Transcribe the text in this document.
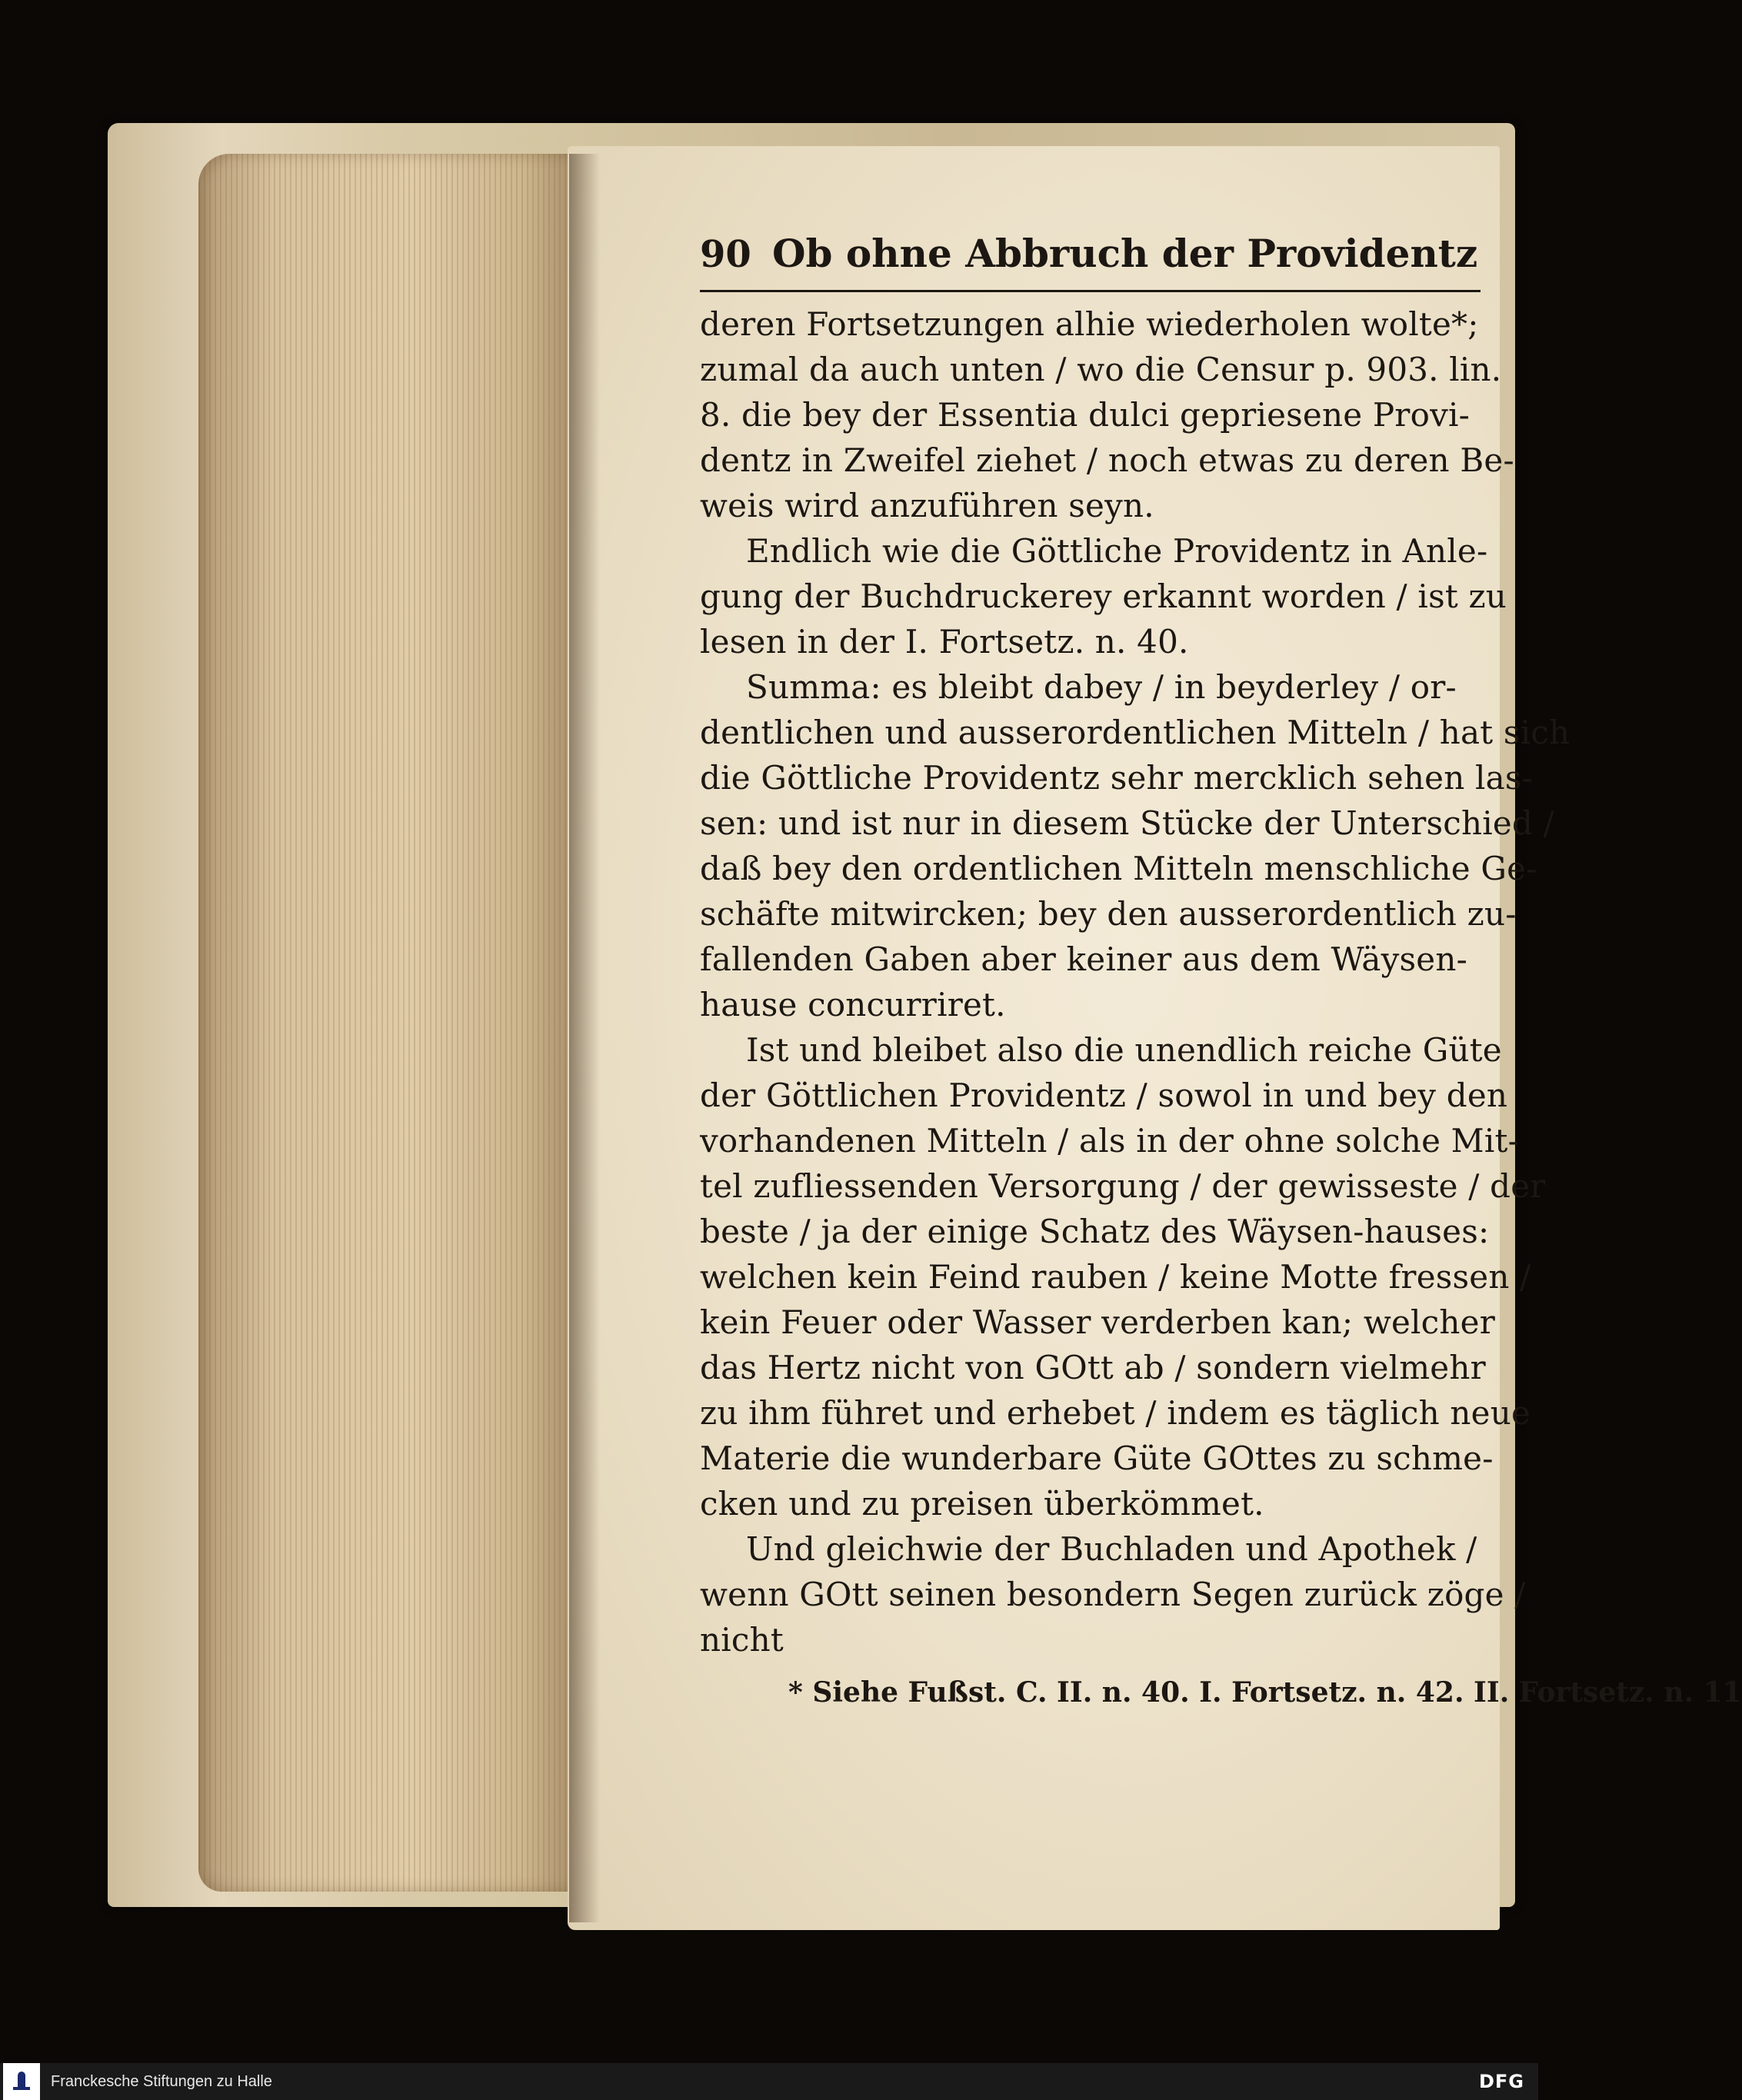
90 Ob ohne Abbruch der Providentz
deren Fortsetzungen alhie wiederholen wolte*;
zumal da auch unten / wo die Censur p. 903. lin.
8. die bey der Essentia dulci gepriesene Provi-
dentz in Zweifel ziehet / noch etwas zu deren Be-
weis wird anzuführen seyn.
Endlich wie die Göttliche Providentz in Anle-
gung der Buchdruckerey erkannt worden / ist zu
lesen in der I. Fortsetz. n. 40.
Summa: es bleibt dabey / in beyderley / or-
dentlichen und ausserordentlichen Mitteln / hat sich
die Göttliche Providentz sehr mercklich sehen las-
sen: und ist nur in diesem Stücke der Unterschied /
daß bey den ordentlichen Mitteln menschliche Ge-
schäfte mitwircken; bey den ausserordentlich zu-
fallenden Gaben aber keiner aus dem Wäysen-
hause concurriret.
Ist und bleibet also die unendlich reiche Güte
der Göttlichen Providentz / sowol in und bey den
vorhandenen Mitteln / als in der ohne solche Mit-
tel zufliessenden Versorgung / der gewisseste / der
beste / ja der einige Schatz des Wäysen-hauses:
welchen kein Feind rauben / keine Motte fressen /
kein Feuer oder Wasser verderben kan; welcher
das Hertz nicht von GOtt ab / sondern vielmehr
zu ihm führet und erhebet / indem es täglich neue
Materie die wunderbare Güte GOttes zu schme-
cken und zu preisen überkömmet.
Und gleichwie der Buchladen und Apothek /
wenn GOtt seinen besondern Segen zurück zöge /
nicht
* Siehe Fußst. C. II. n. 40. I. Fortsetz. n. 42. II. Fortsetz. n. 11
Franckesche Stiftungen zu Halle	DFG
